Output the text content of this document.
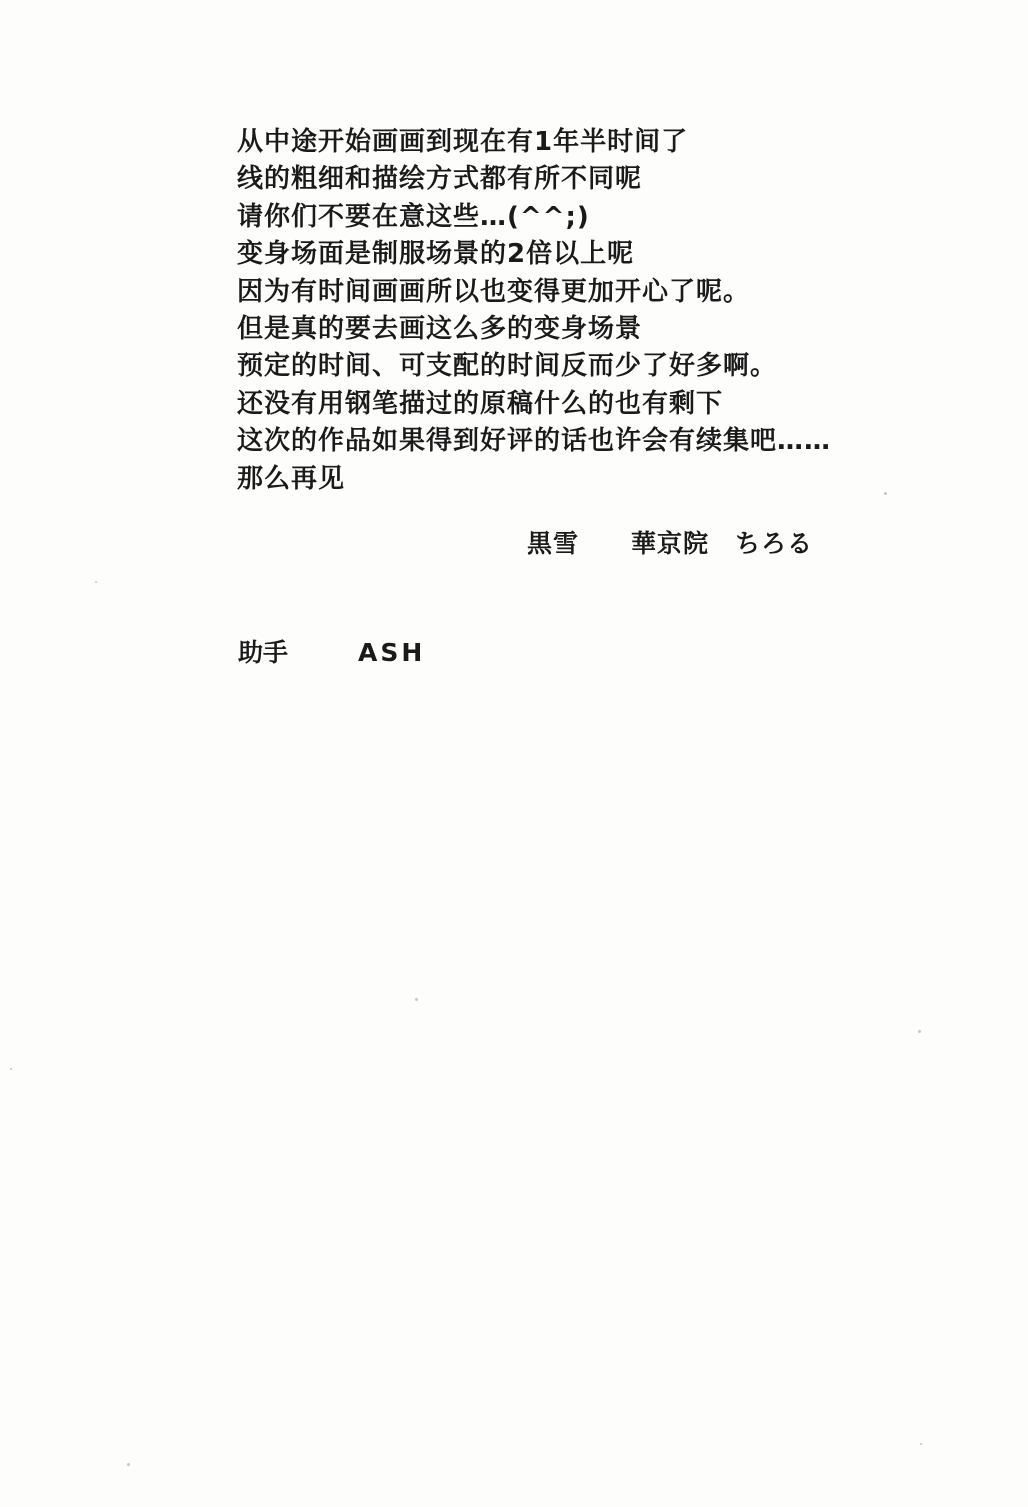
从中途开始画画到现在有1年半时间了
线的粗细和描绘方式都有所不同呢
请你们不要在意这些…(^^;)
变身场面是制服场景的2倍以上呢
因为有时间画画所以也变得更加开心了呢。
但是真的要去画这么多的变身场景
预定的时间、可支配的时间反而少了好多啊。
还没有用钢笔描过的原稿什么的也有剩下
这次的作品如果得到好评的话也许会有续集吧……
那么再见
黒雪　　華京院　ちろる
助手	ASH
